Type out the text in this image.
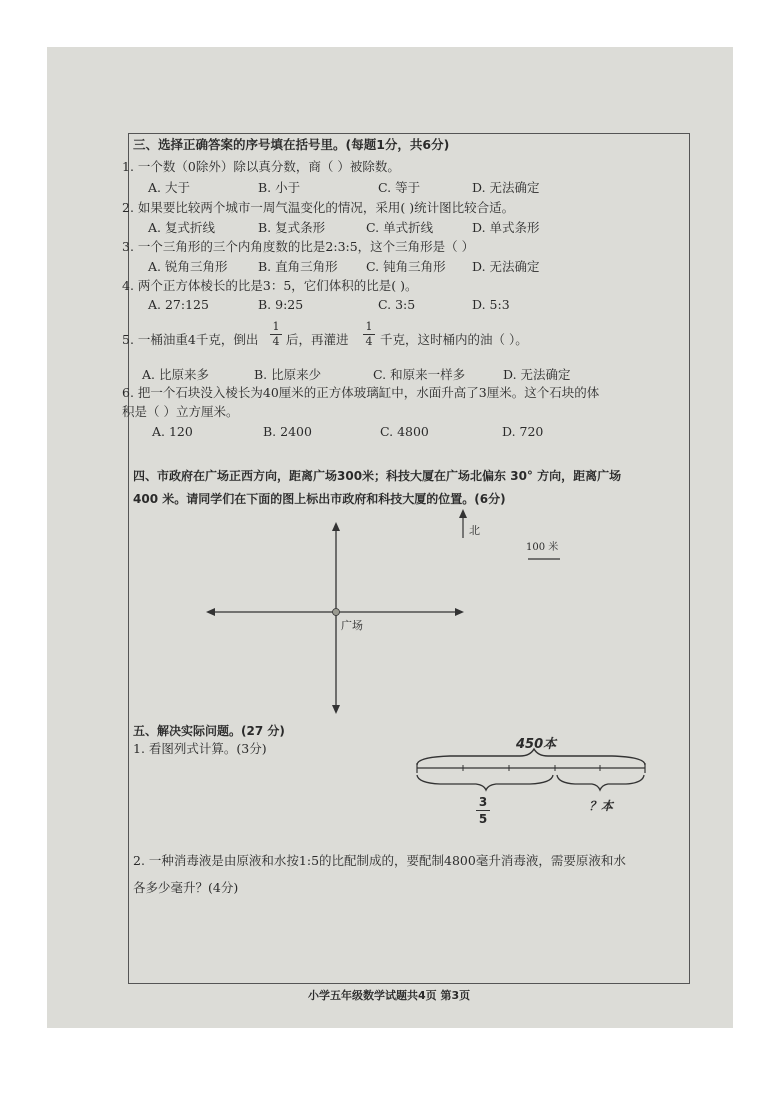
三、选择正确答案的序号填在括号里。(每题1分，共6分)
1. 一个数（0除外）除以真分数，商（ ）被除数。
A. 大于	B. 小于	C. 等于	D. 无法确定
2. 如果要比较两个城市一周气温变化的情况，采用( )统计图比较合适。
A. 复式折线	B. 复式条形	C. 单式折线	D. 单式条形
3. 一个三角形的三个内角度数的比是2:3:5，这个三角形是（ ）
A. 锐角三角形 B. 直角三角形 C. 钝角三角形 D. 无法确定
4. 两个正方体棱长的比是3：5，它们体积的比是( )。
A. 27:125	B. 9:25	C. 3:5	D. 5:3
5. 一桶油重4千克，倒出
1
4 后，再灌进
1
4 千克，这时桶内的油（ ）。
A. 比原来多	B. 比原来少	C. 和原来一样多	D. 无法确定
6. 把一个石块没入棱长为40厘米的正方体玻璃缸中，水面升高了3厘米。这个石块的体
积是（ ）立方厘米。
A. 120	B. 2400	C. 4800	D. 720
四、市政府在广场正西方向，距离广场300米；科技大厦在广场北偏东 30° 方向，距离广场
400 米。请同学们在下面的图上标出市政府和科技大厦的位置。(6分)
北
100 米
广场
五、解决实际问题。(27 分)
1. 看图列式计算。(3分)	450本
3
5
？本
2. 一种消毒液是由原液和水按1:5的比配制成的，要配制4800毫升消毒液，需要原液和水
各多少毫升？(4分)
小学五年级数学试题共4页 第3页
